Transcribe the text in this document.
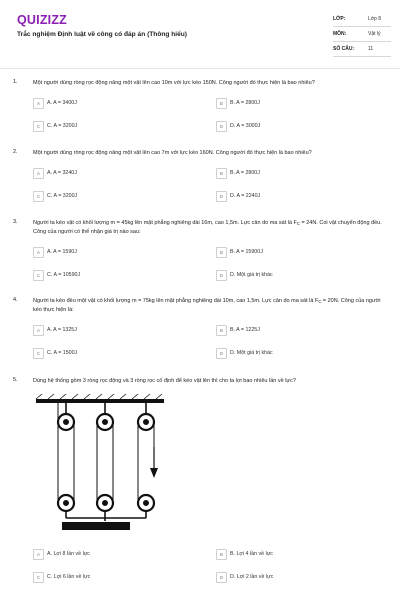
QUIZIZZ
Trắc nghiệm Định luật về công có đáp án (Thông hiểu)
LỚP:	Lớp 8
MÔN:	Vật lý
SỐ CÂU:	11
1.	Một người dùng ròng rọc động nâng một vật lên cao 10m với lực kéo 150N. Công người đó thực hiện là bao nhiêu?
A	A. A = 3400J	B	B. A = 2800J
C	C. A = 3200J	D	D. A = 3000J
2.	Một người dùng ròng rọc động nâng một vật lên cao 7m với lực kéo 160N. Công người đó thực hiện là bao nhiêu?
A	A. A = 3240J	B	B. A = 2800J
C	C. A = 3200J	D	D. A = 2240J
3.	Người ta kéo vật có khối lượng m = 45kg lên mặt phẳng nghiêng dài 16m, cao 1,5m. Lực cản do ma sát là $F_C = 24N$. Coi vật chuyển động đều. Công của người có thể nhận giá trị nào sau:
A	A. A = 1590J	B	B. A = 15900J
C	C. A = 10590J	D	D. Một giá trị khác
4.	Người ta kéo đều một vật có khối lượng m = 75kg lên mặt phẳng nghiêng dài 10m, cao 1,5m. Lực cản do ma sát là $F_C = 20N$. Công của người kéo thực hiện là:
A	A. A = 1325J	B	B. A = 1225J
C	C. A = 1500J	D	D. Một giá trị khác
5.	Dùng hệ thống gồm 3 ròng rọc động và 3 ròng rọc cố định để kéo vật lên thì cho ta lợi bao nhiêu lần về lực?
A	A. Lợi 8 lần về lực	B	B. Lợi 4 lần về lực
C	C. Lợi 6 lần về lực	D	D. Lợi 2 lần về lực
